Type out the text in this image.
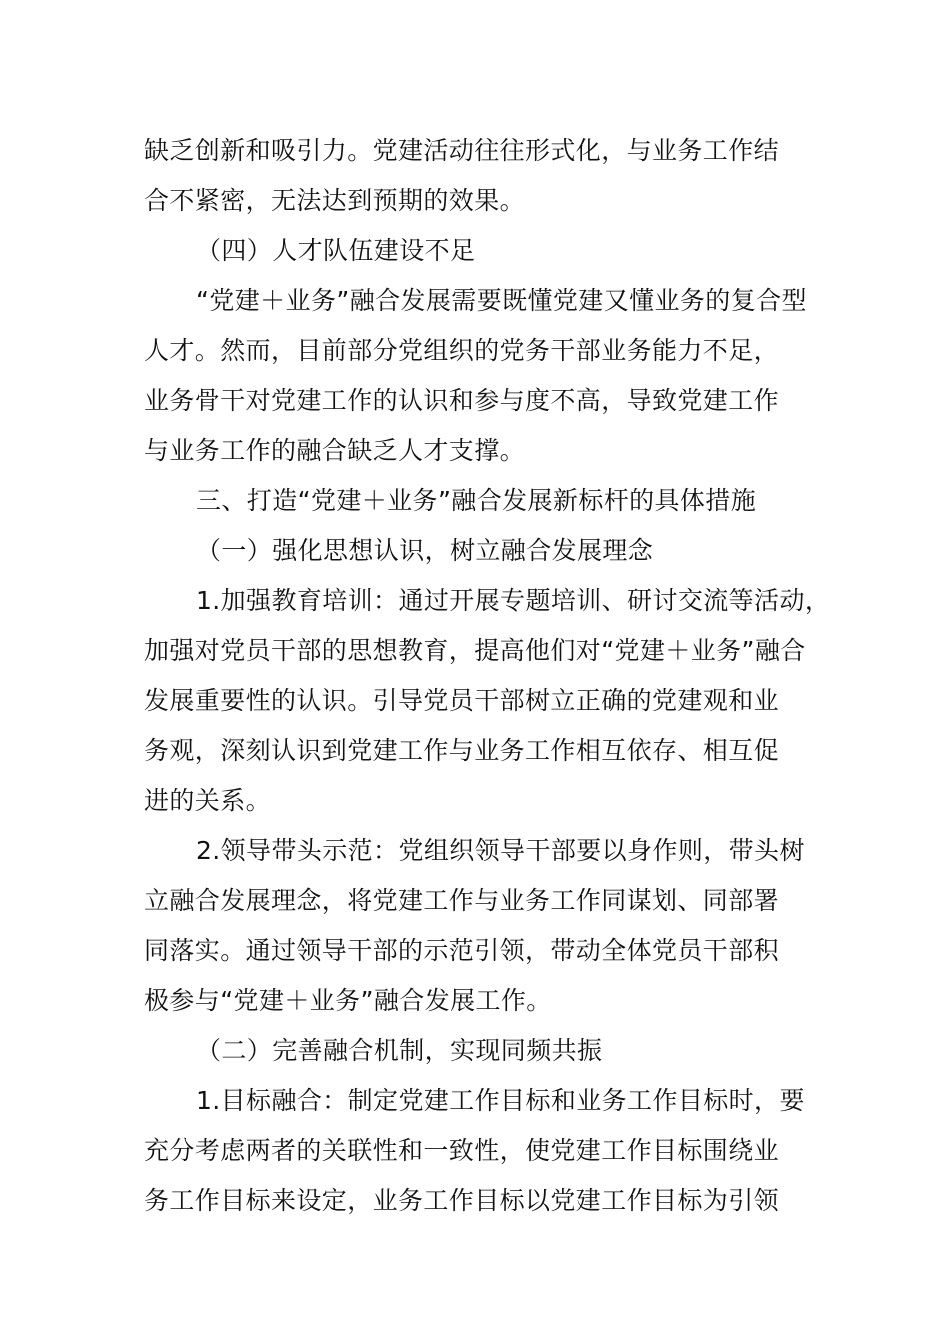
缺乏创新和吸引力。党建活动往往形式化，与业务工作结
合不紧密，无法达到预期的效果。
（四）人才队伍建设不足
“党建＋业务”融合发展需要既懂党建又懂业务的复合型
人才。然而，目前部分党组织的党务干部业务能力不足，
业务骨干对党建工作的认识和参与度不高，导致党建工作
与业务工作的融合缺乏人才支撑。
三、打造“党建＋业务”融合发展新标杆的具体措施
（一）强化思想认识，树立融合发展理念
1.加强教育培训：通过开展专题培训、研讨交流等活动，
加强对党员干部的思想教育，提高他们对“党建＋业务”融合
发展重要性的认识。引导党员干部树立正确的党建观和业
务观，深刻认识到党建工作与业务工作相互依存、相互促
进的关系。
2.领导带头示范：党组织领导干部要以身作则，带头树
立融合发展理念，将党建工作与业务工作同谋划、同部署
同落实。通过领导干部的示范引领，带动全体党员干部积
极参与“党建＋业务”融合发展工作。
（二）完善融合机制，实现同频共振
1.目标融合：制定党建工作目标和业务工作目标时，要
充分考虑两者的关联性和一致性，使党建工作目标围绕业
务工作目标来设定，业务工作目标以党建工作目标为引领
